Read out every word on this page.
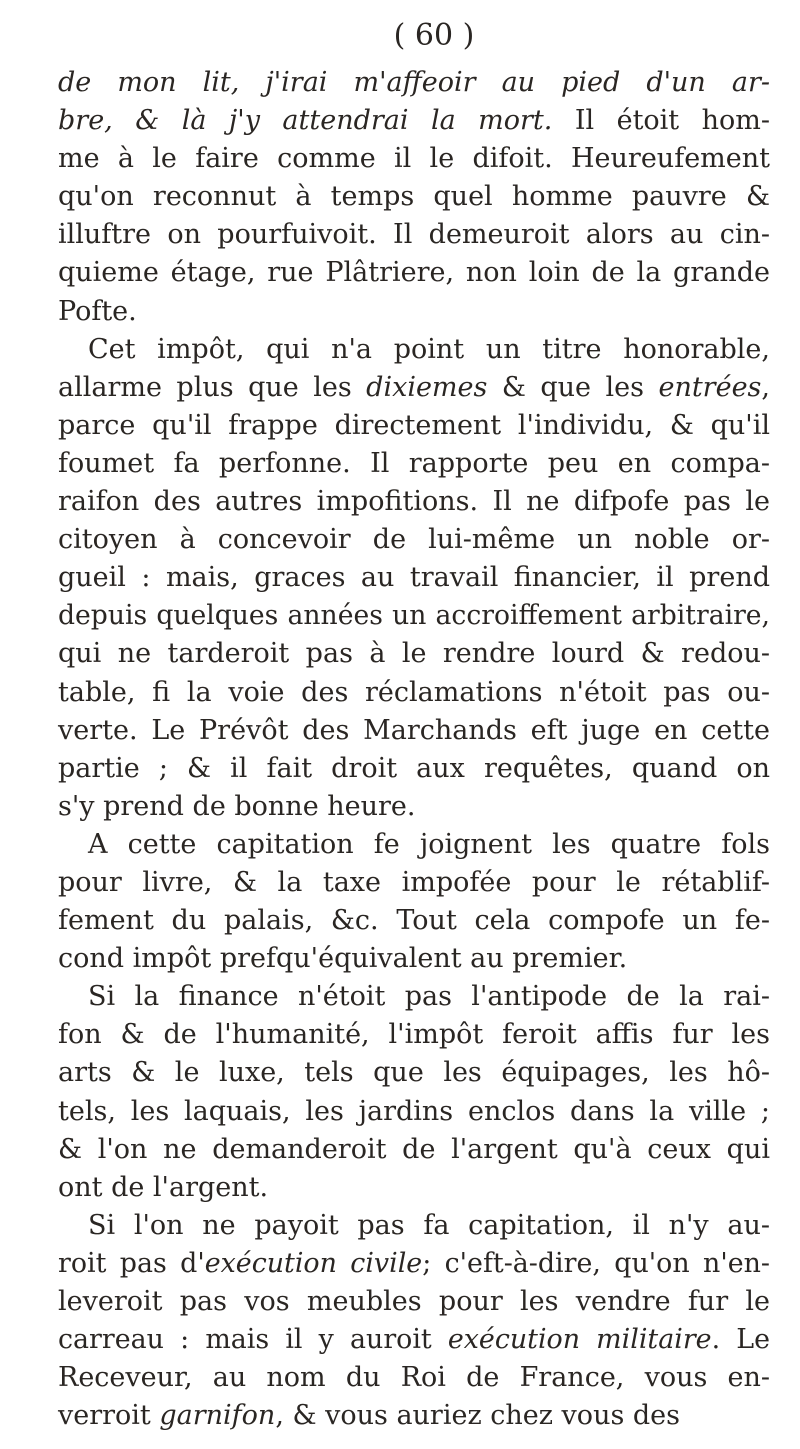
( 60 )

de mon lit, j'irai m'affeoir au pied d'un ar-
bre, & là j'y attendrai la mort. Il étoit hom-
me à le faire comme il le difoit. Heureufement
qu'on reconnut à temps quel homme pauvre &
illuftre on pourfuivoit. Il demeuroit alors au cin-
quieme étage, rue Plâtriere, non loin de la grande
Pofte.

Cet impôt, qui n'a point un titre honorable,
allarme plus que les dixiemes & que les entrées,
parce qu'il frappe directement l'individu, & qu'il
foumet fa perfonne. Il rapporte peu en compa-
raifon des autres impofitions. Il ne difpofe pas le
citoyen à concevoir de lui-même un noble or-
gueil : mais, graces au travail financier, il prend
depuis quelques années un accroiffement arbitraire,
qui ne tarderoit pas à le rendre lourd & redou-
table, fi la voie des réclamations n'étoit pas ou-
verte. Le Prévôt des Marchands eft juge en cette
partie ; & il fait droit aux requêtes, quand on
s'y prend de bonne heure.

A cette capitation fe joignent les quatre fols
pour livre, & la taxe impofée pour le rétablif-
fement du palais, &c. Tout cela compofe un fe-
cond impôt prefqu'équivalent au premier.

Si la finance n'étoit pas l'antipode de la rai-
fon & de l'humanité, l'impôt feroit affis fur les
arts & le luxe, tels que les équipages, les hô-
tels, les laquais, les jardins enclos dans la ville ;
& l'on ne demanderoit de l'argent qu'à ceux qui
ont de l'argent.

Si l'on ne payoit pas fa capitation, il n'y au-
roit pas d'exécution civile; c'eft-à-dire, qu'on n'en-
leveroit pas vos meubles pour les vendre fur le
carreau : mais il y auroit exécution militaire. Le
Receveur, au nom du Roi de France, vous en-
verroit garnifon, & vous auriez chez vous des
